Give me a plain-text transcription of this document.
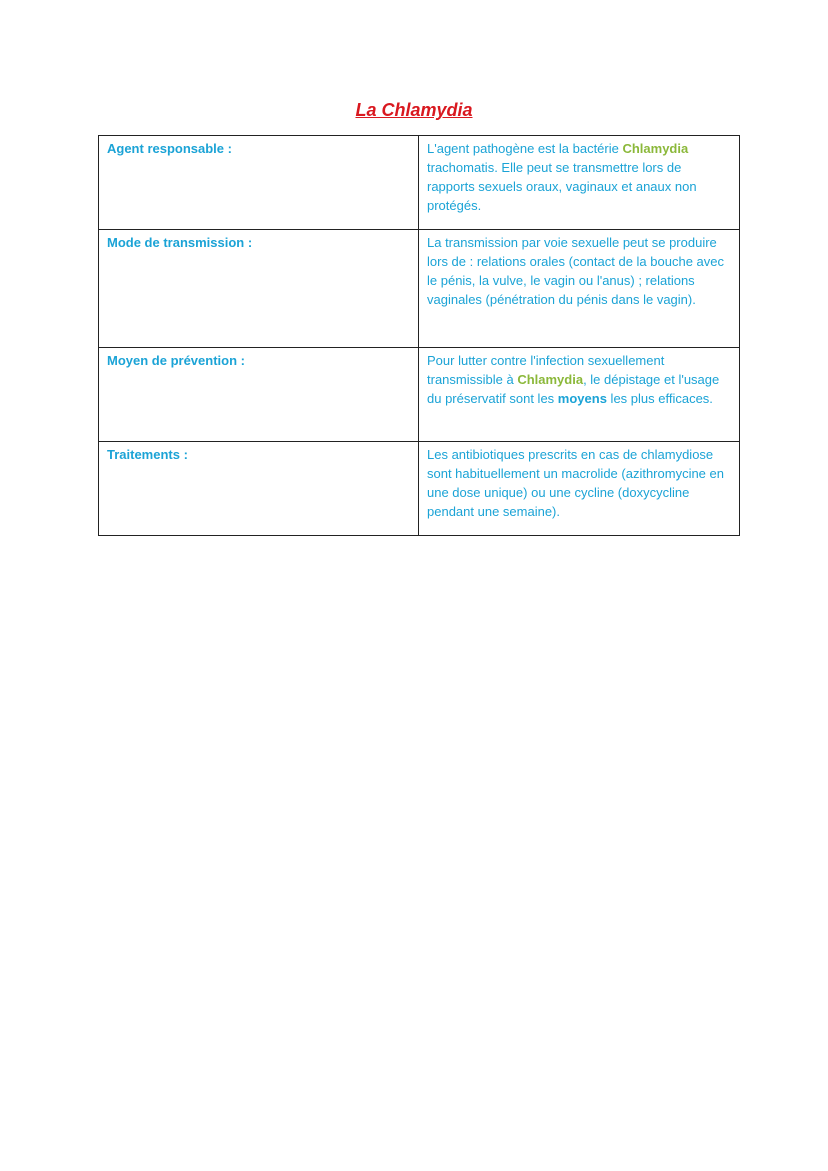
La Chlamydia
Agent responsable :	L'agent pathogène est la bactérie Chlamydia trachomatis. Elle peut se transmettre lors de rapports sexuels oraux, vaginaux et anaux non protégés.
Mode de transmission :	La transmission par voie sexuelle peut se produire lors de : relations orales (contact de la bouche avec le pénis, la vulve, le vagin ou l'anus) ; relations vaginales (pénétration du pénis dans le vagin).
Moyen de prévention :	Pour lutter contre l'infection sexuellement transmissible à Chlamydia, le dépistage et l'usage du préservatif sont les moyens les plus efficaces.
Traitements :	Les antibiotiques prescrits en cas de chlamydiose sont habituellement un macrolide (azithromycine en une dose unique) ou une cycline (doxycycline pendant une semaine).
